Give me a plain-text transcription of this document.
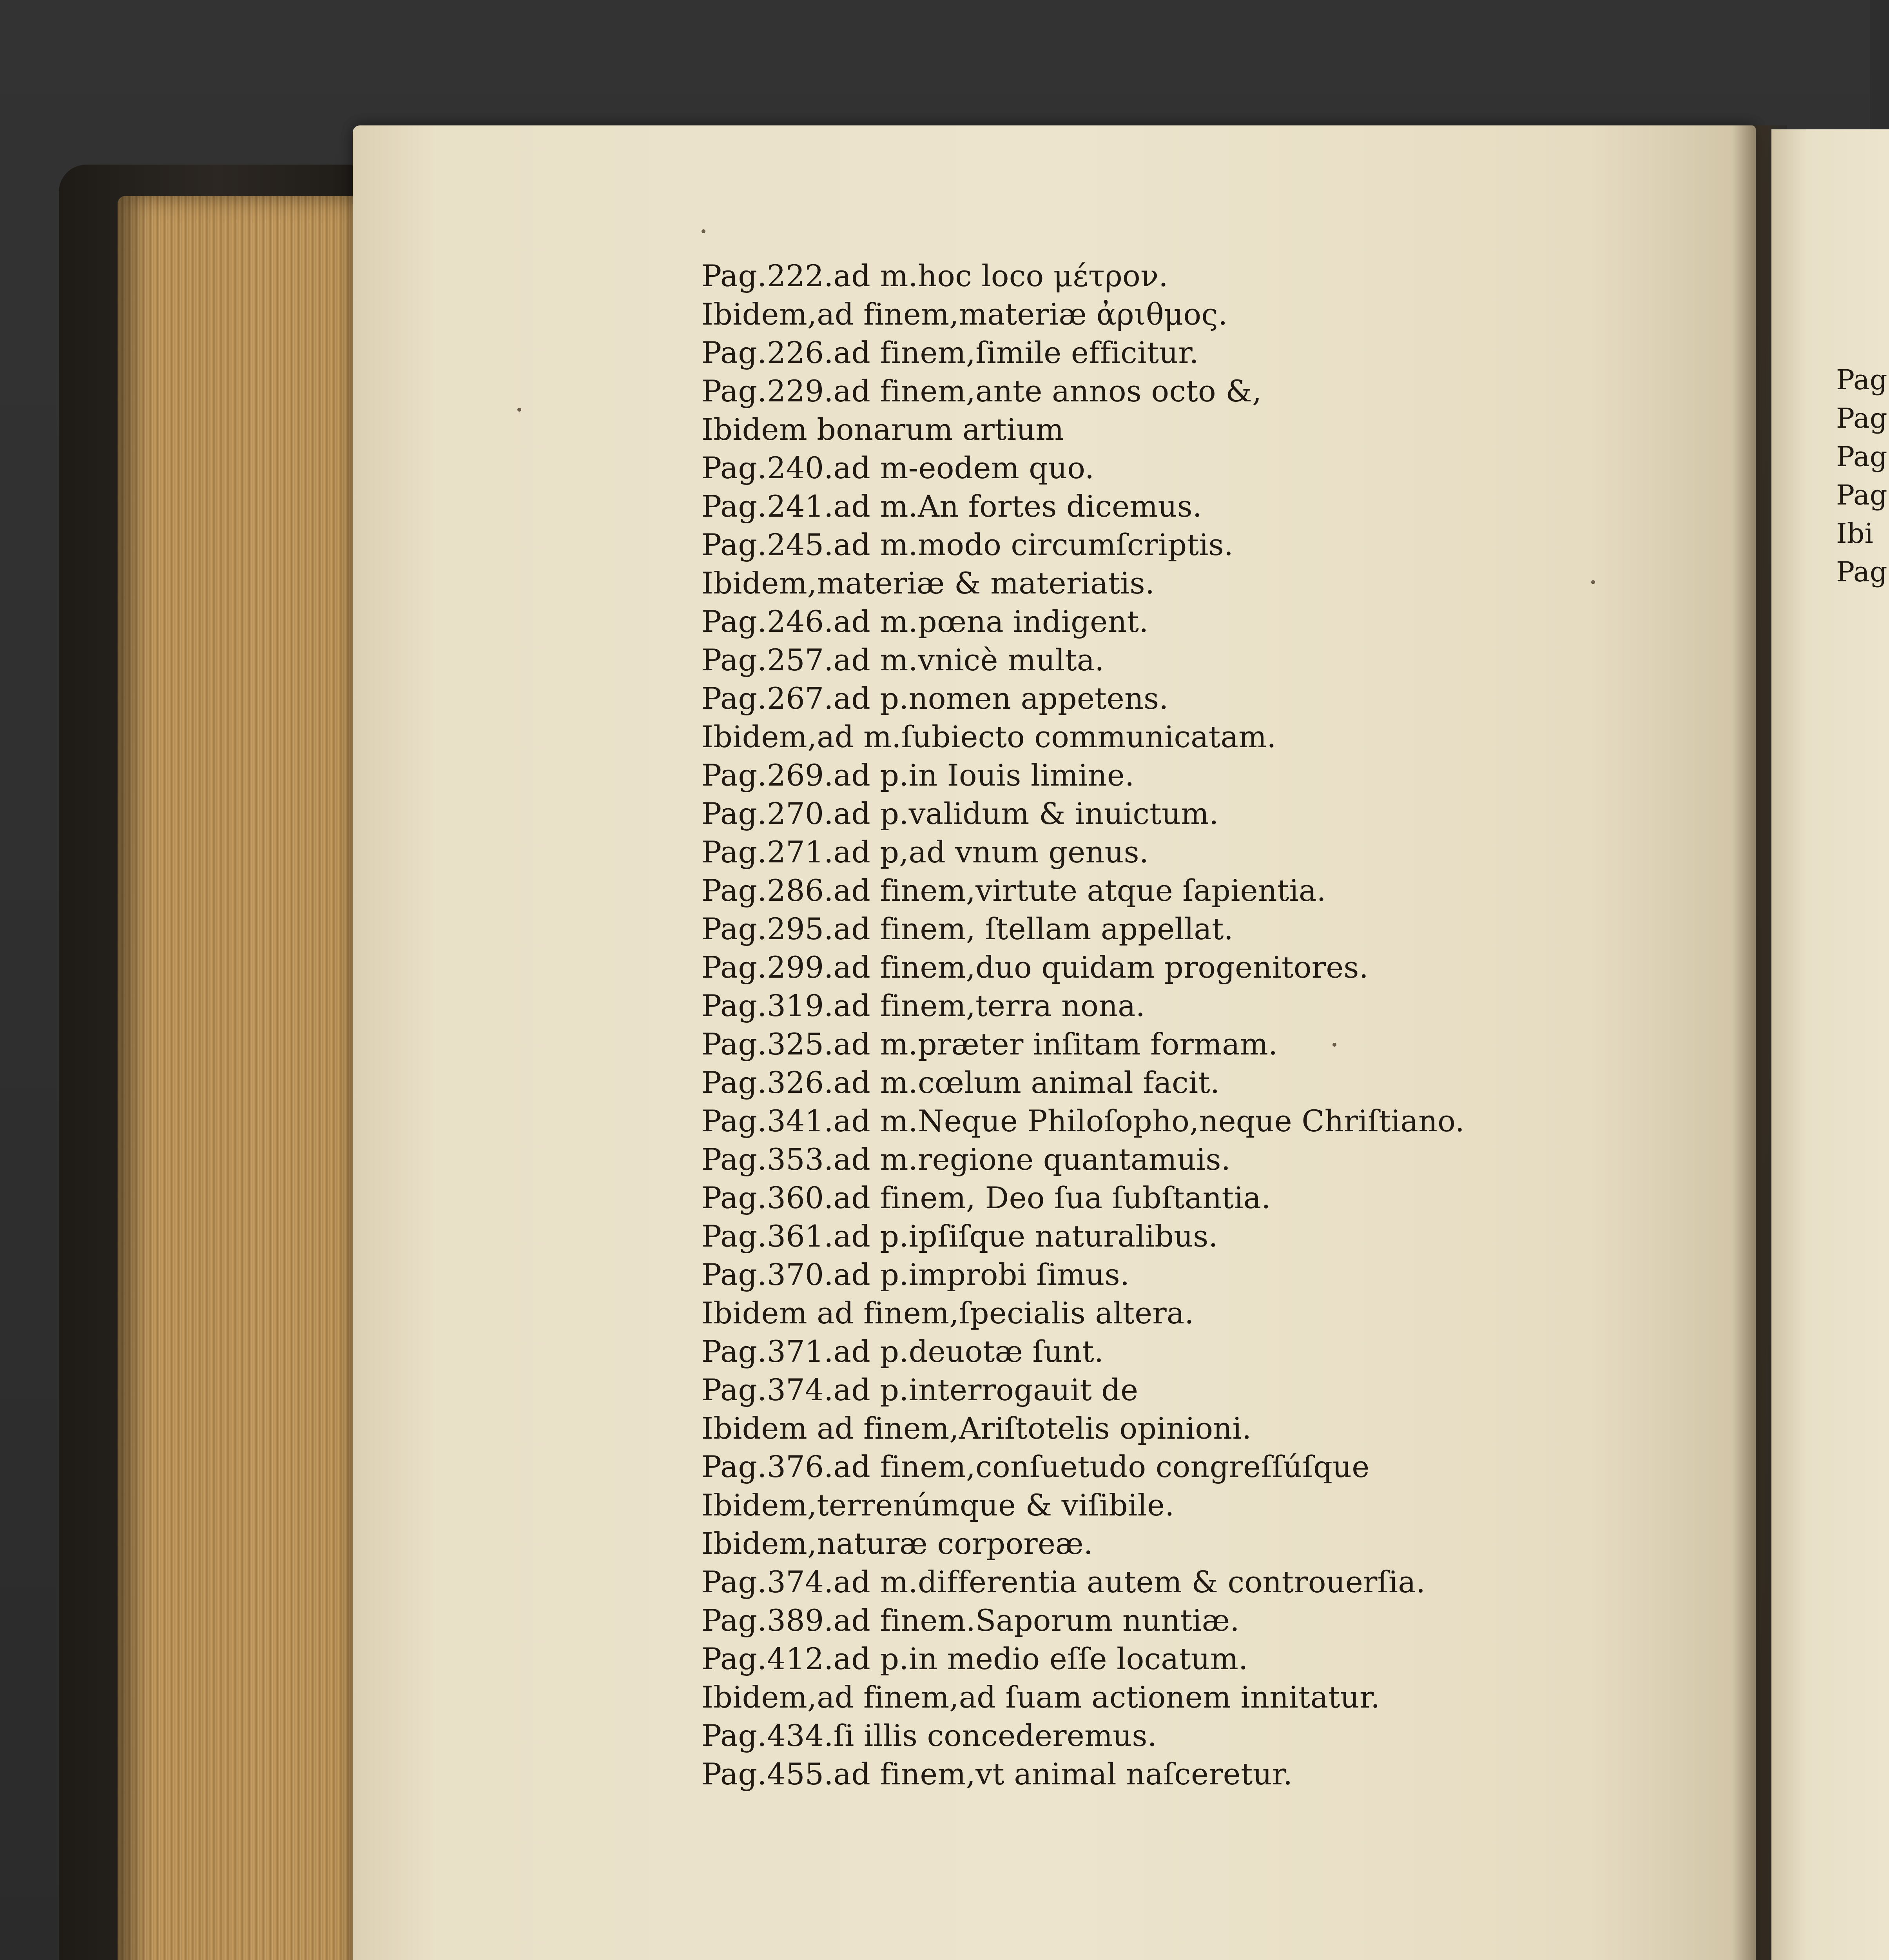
Pag.222.ad m.hoc loco μέτρον.
Ibidem,ad finem,materiæ ἀριθμος.
Pag.226.ad finem,ſimile efficitur.
Pag.229.ad finem,ante annos octo &,
Ibidem bonarum artium
Pag.240.ad m-eodem quo.
Pag.241.ad m.An fortes dicemus.
Pag.245.ad m.modo circumſcriptis.
Ibidem,materiæ & materiatis.
Pag.246.ad m.pœna indigent.
Pag.257.ad m.vnicè multa.
Pag.267.ad p.nomen appetens.
Ibidem,ad m.ſubiecto communicatam.
Pag.269.ad p.in Iouis limine.
Pag.270.ad p.validum & inuictum.
Pag.271.ad p,ad vnum genus.
Pag.286.ad finem,virtute atque ſapientia.
Pag.295.ad finem, ſtellam appellat.
Pag.299.ad finem,duo quidam progenitores.
Pag.319.ad finem,terra nona.
Pag.325.ad m.præter inſitam formam.
Pag.326.ad m.cœlum animal facit.
Pag.341.ad m.Neque Philoſopho,neque Chriſtiano.
Pag.353.ad m.regione quantamuis.
Pag.360.ad finem, Deo ſua ſubſtantia.
Pag.361.ad p.ipſiſque naturalibus.
Pag.370.ad p.improbi ſimus.
Ibidem ad finem,ſpecialis altera.
Pag.371.ad p.deuotæ ſunt.
Pag.374.ad p.interrogauit de
Ibidem ad finem,Ariſtotelis opinioni.
Pag.376.ad finem,conſuetudo congreſſúſque
Ibidem,terrenúmque & viſibile.
Ibidem,naturæ corporeæ.
Pag.374.ad m.differentia autem & controuerſia.
Pag.389.ad finem.Saporum nuntiæ.
Pag.412.ad p.in medio eſſe locatum.
Ibidem,ad finem,ad ſuam actionem innitatur.
Pag.434.ſi illis concederemus.
Pag.455.ad finem,vt animal naſceretur.
Pag
Pag
Pag
Pag
Ibi
Pag
